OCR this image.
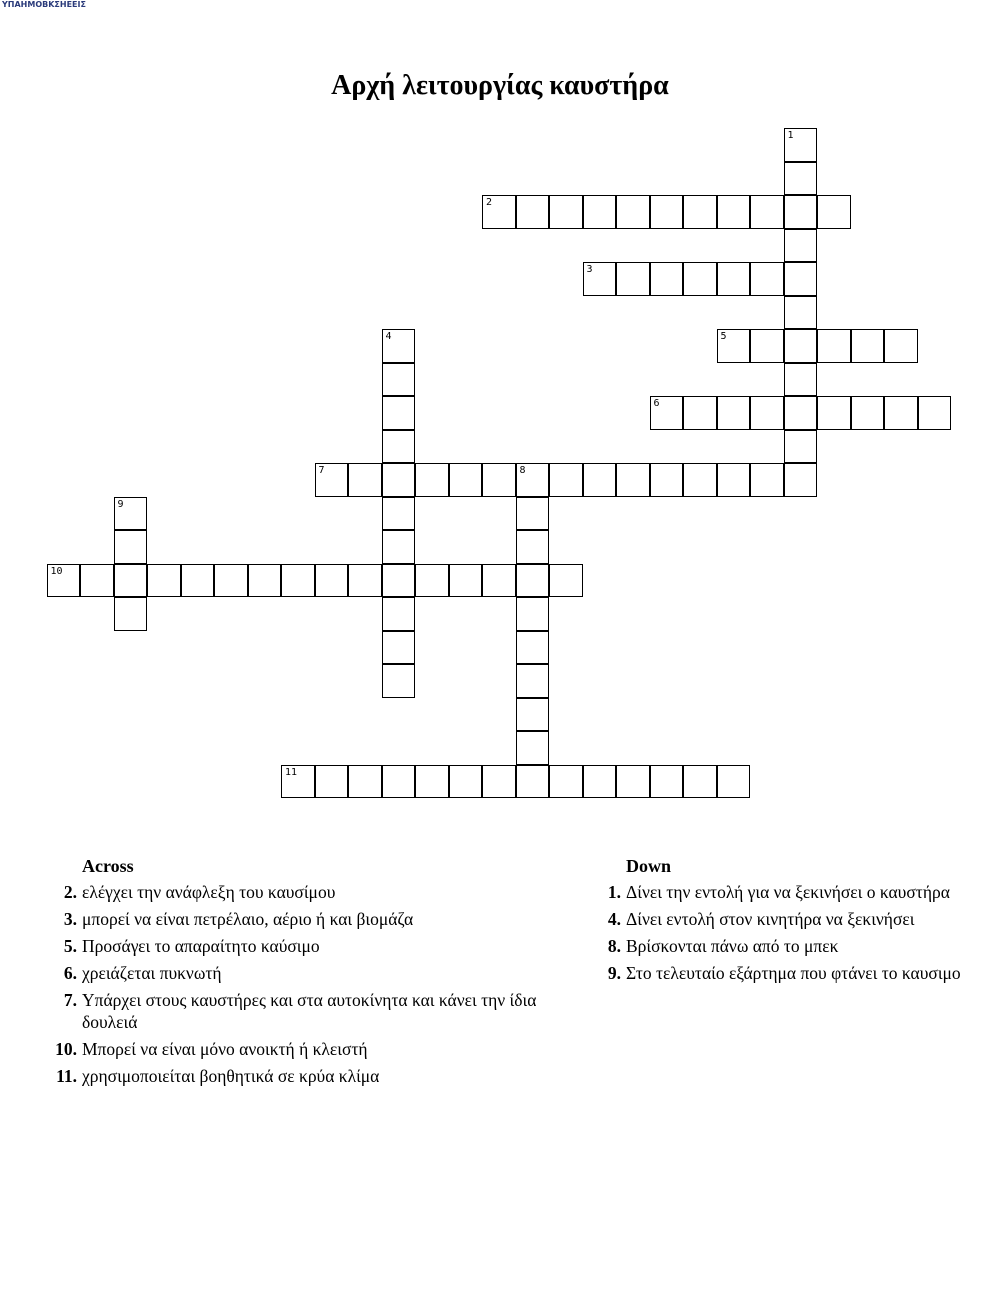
ΥΠΑΗΜΟΒΚΣΗΕΕΙΣ
Αρχή λειτουργίας καυστήρα
1
2
3
4	5
6
7	8
9
10
11
Across
2. ελέγχει την ανάφλεξη του καυσίμου
3. μπορεί να είναι πετρέλαιο, αέριο ή και βιομάζα
5. Προσάγει το απαραίτητο καύσιμο
6. χρειάζεται πυκνωτή
7. Υπάρχει στους καυστήρες και στα αυτοκίνητα και κάνει την ίδια δουλειά
10. Μπορεί να είναι μόνο ανοικτή ή κλειστή
11. χρησιμοποιείται βοηθητικά σε κρύα κλίμα
Down
1. Δίνει την εντολή για να ξεκινήσει ο καυστήρα
4. Δίνει εντολή στον κινητήρα να ξεκινήσει
8. Βρίσκονται πάνω από το μπεκ
9. Στο τελευταίο εξάρτημα που φτάνει το καυσιμο
